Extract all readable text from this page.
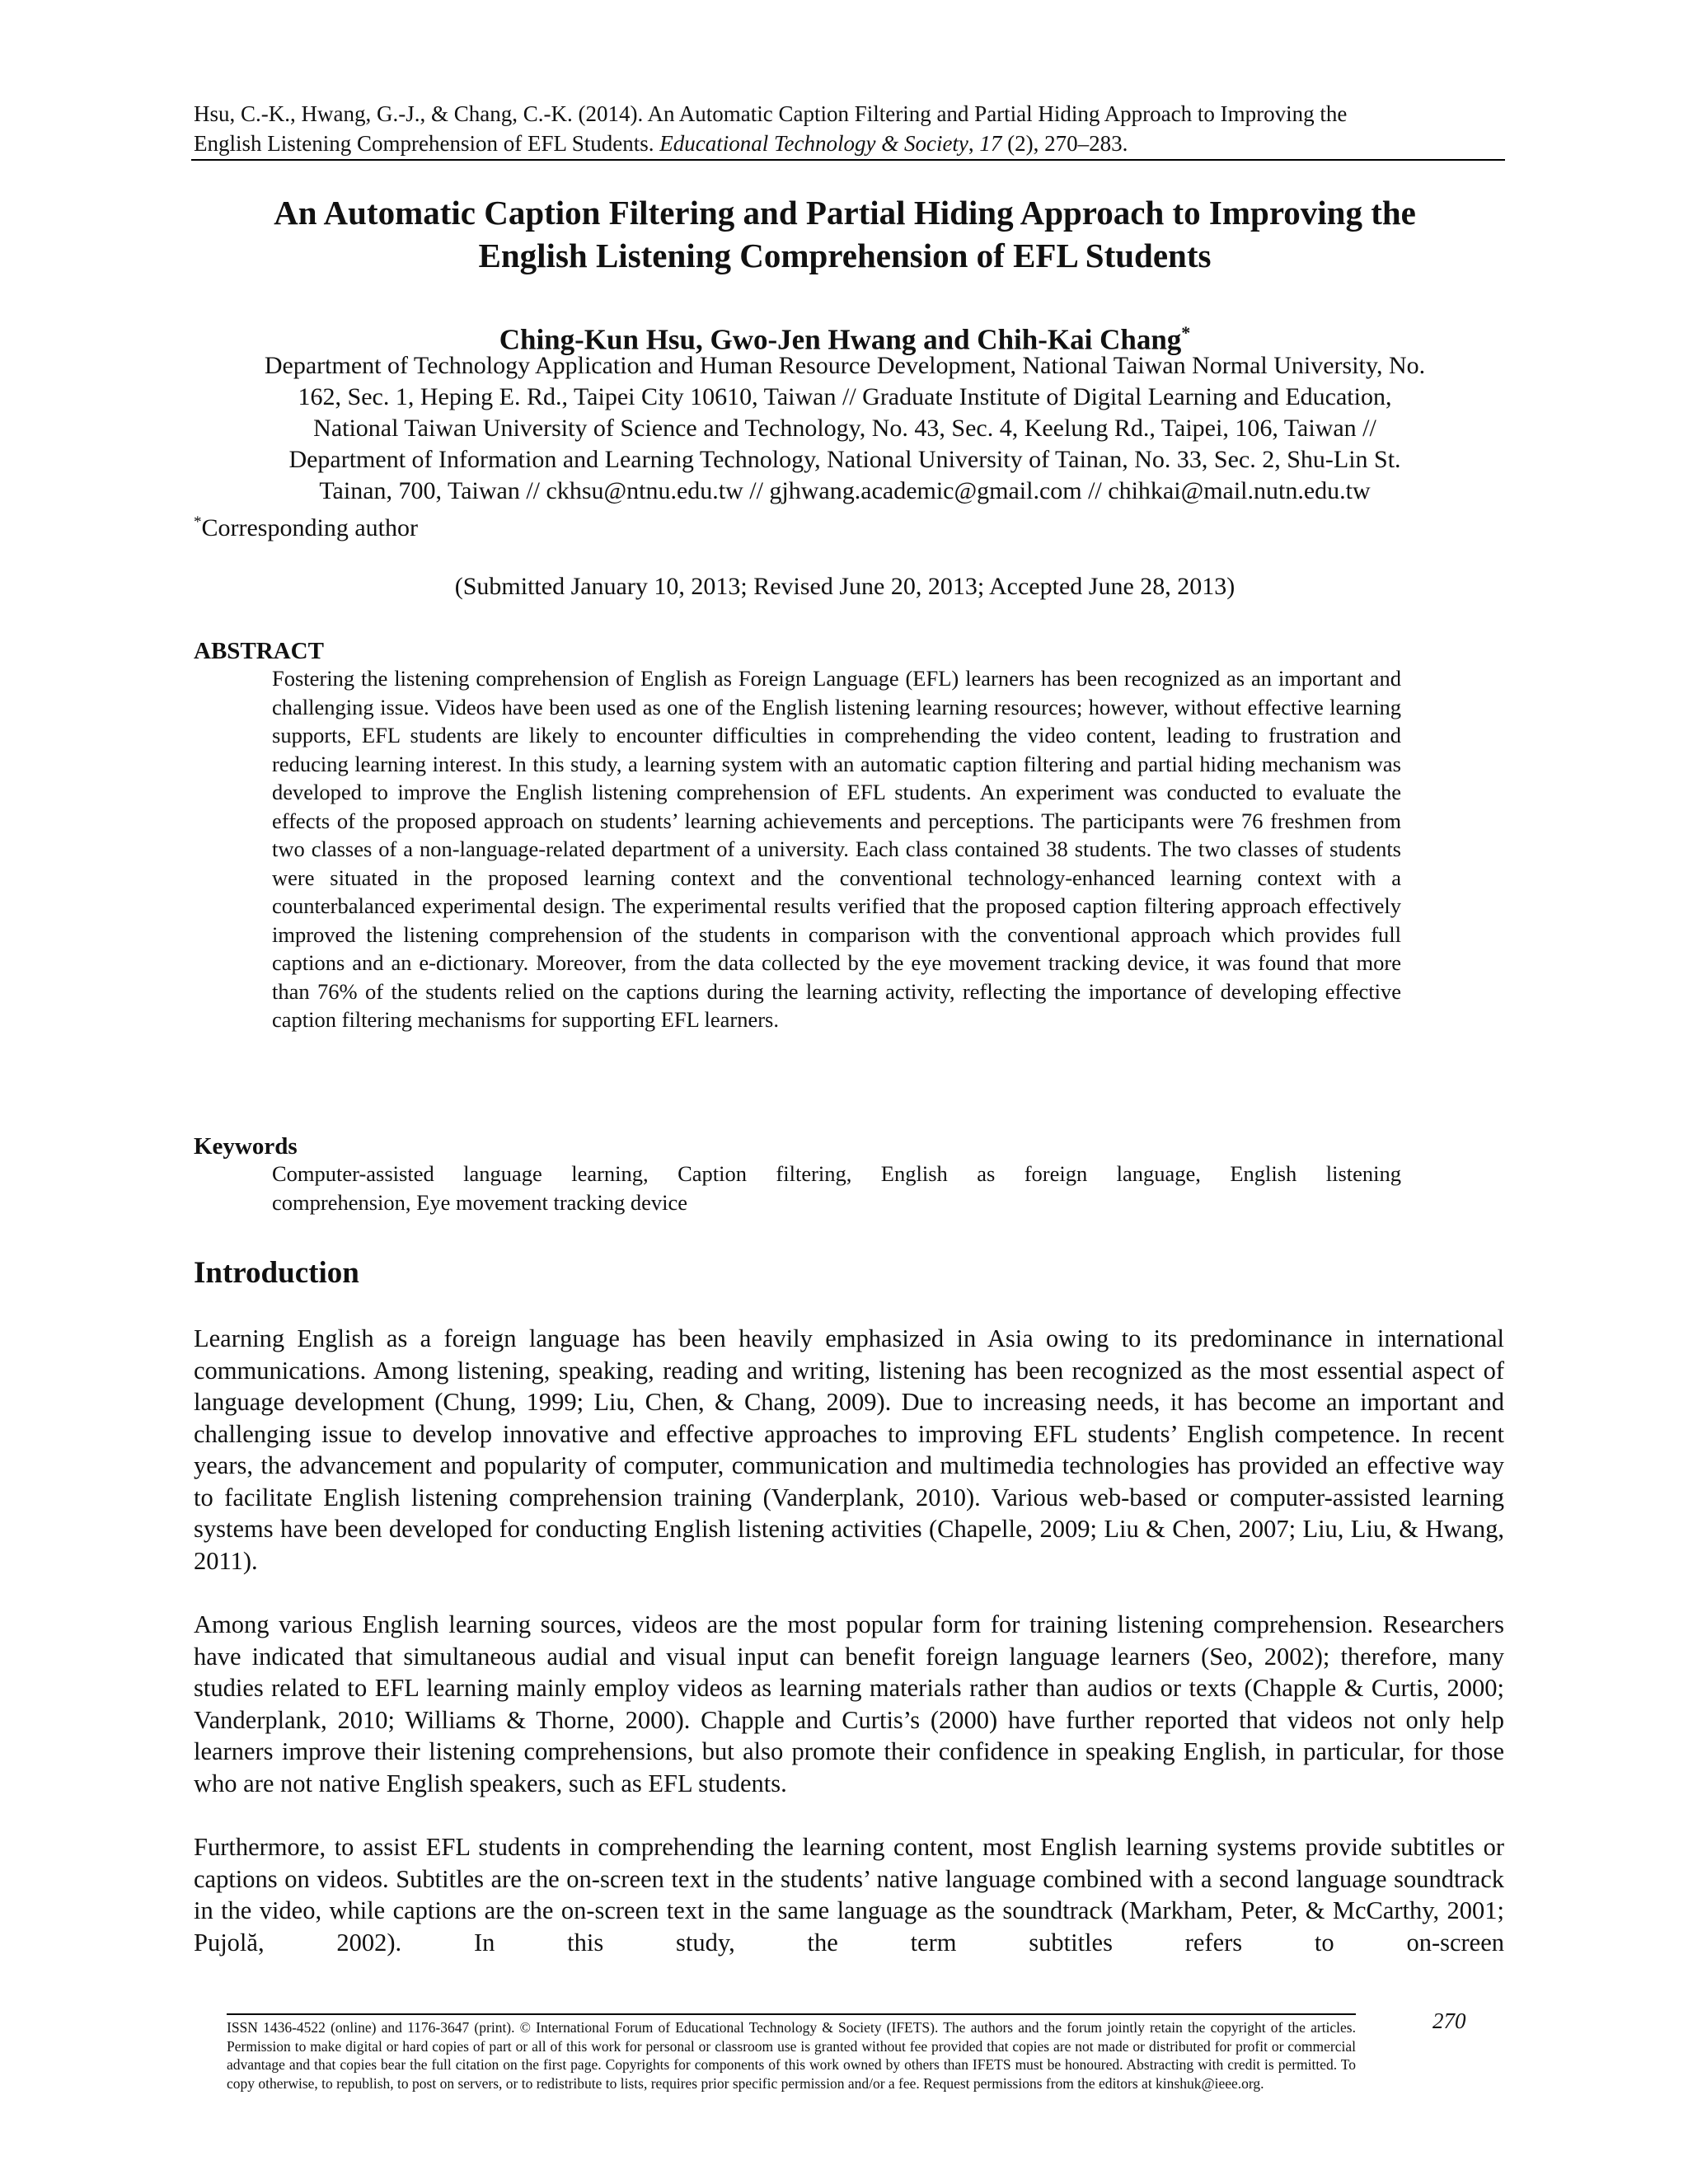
Hsu, C.-K., Hwang, G.-J., & Chang, C.-K. (2014). An Automatic Caption Filtering and Partial Hiding Approach to Improving the
English Listening Comprehension of EFL Students. Educational Technology & Society, 17 (2), 270–283.
An Automatic Caption Filtering and Partial Hiding Approach to Improving the
English Listening Comprehension of EFL Students
Ching-Kun Hsu, Gwo-Jen Hwang and Chih-Kai Chang*
Department of Technology Application and Human Resource Development, National Taiwan Normal University, No.
162, Sec. 1, Heping E. Rd., Taipei City 10610, Taiwan // Graduate Institute of Digital Learning and Education,
National Taiwan University of Science and Technology, No. 43, Sec. 4, Keelung Rd., Taipei, 106, Taiwan //
Department of Information and Learning Technology, National University of Tainan, No. 33, Sec. 2, Shu-Lin St.
Tainan, 700, Taiwan // ckhsu@ntnu.edu.tw // gjhwang.academic@gmail.com // chihkai@mail.nutn.edu.tw
*Corresponding author
(Submitted January 10, 2013; Revised June 20, 2013; Accepted June 28, 2013)
ABSTRACT
Fostering the listening comprehension of English as Foreign Language (EFL) learners has been recognized as an important and challenging issue. Videos have been used as one of the English listening learning resources; however, without effective learning supports, EFL students are likely to encounter difficulties in comprehending the video content, leading to frustration and reducing learning interest. In this study, a learning system with an automatic caption filtering and partial hiding mechanism was developed to improve the English listening comprehension of EFL students. An experiment was conducted to evaluate the effects of the proposed approach on students’ learning achievements and perceptions. The participants were 76 freshmen from two classes of a non-language-related department of a university. Each class contained 38 students. The two classes of students were situated in the proposed learning context and the conventional technology-enhanced learning context with a counterbalanced experimental design. The experimental results verified that the proposed caption filtering approach effectively improved the listening comprehension of the students in comparison with the conventional approach which provides full captions and an e-dictionary. Moreover, from the data collected by the eye movement tracking device, it was found that more than 76% of the students relied on the captions during the learning activity, reflecting the importance of developing effective caption filtering mechanisms for supporting EFL learners.
Keywords
Computer-assisted language learning, Caption filtering, English as foreign language, English listening
comprehension, Eye movement tracking device
Introduction

Learning English as a foreign language has been heavily emphasized in Asia owing to its predominance in international communications. Among listening, speaking, reading and writing, listening has been recognized as the most essential aspect of language development (Chung, 1999; Liu, Chen, & Chang, 2009). Due to increasing needs, it has become an important and challenging issue to develop innovative and effective approaches to improving EFL students’ English competence. In recent years, the advancement and popularity of computer, communication and multimedia technologies has provided an effective way to facilitate English listening comprehension training (Vanderplank, 2010). Various web-based or computer-assisted learning systems have been developed for conducting English listening activities (Chapelle, 2009; Liu & Chen, 2007; Liu, Liu, & Hwang, 2011).

Among various English learning sources, videos are the most popular form for training listening comprehension. Researchers have indicated that simultaneous audial and visual input can benefit foreign language learners (Seo, 2002); therefore, many studies related to EFL learning mainly employ videos as learning materials rather than audios or texts (Chapple & Curtis, 2000; Vanderplank, 2010; Williams & Thorne, 2000). Chapple and Curtis’s (2000) have further reported that videos not only help learners improve their listening comprehensions, but also promote their confidence in speaking English, in particular, for those who are not native English speakers, such as EFL students.

Furthermore, to assist EFL students in comprehending the learning content, most English learning systems provide subtitles or captions on videos. Subtitles are the on-screen text in the students’ native language combined with a second language soundtrack in the video, while captions are the on-screen text in the same language as the soundtrack (Markham, Peter, & McCarthy, 2001; Pujolă, 2002). In this study, the term subtitles refers to on-screen

ISSN 1436-4522 (online) and 1176-3647 (print). © International Forum of Educational Technology & Society (IFETS). The authors and the forum jointly retain the copyright of the articles. Permission to make digital or hard copies of part or all of this work for personal or classroom use is granted without fee provided that copies are not made or distributed for profit or commercial advantage and that copies bear the full citation on the first page. Copyrights for components of this work owned by others than IFETS must be honoured. Abstracting with credit is permitted. To copy otherwise, to republish, to post on servers, or to redistribute to lists, requires prior specific permission and/or a fee. Request permissions from the editors at kinshuk@ieee.org.
270
